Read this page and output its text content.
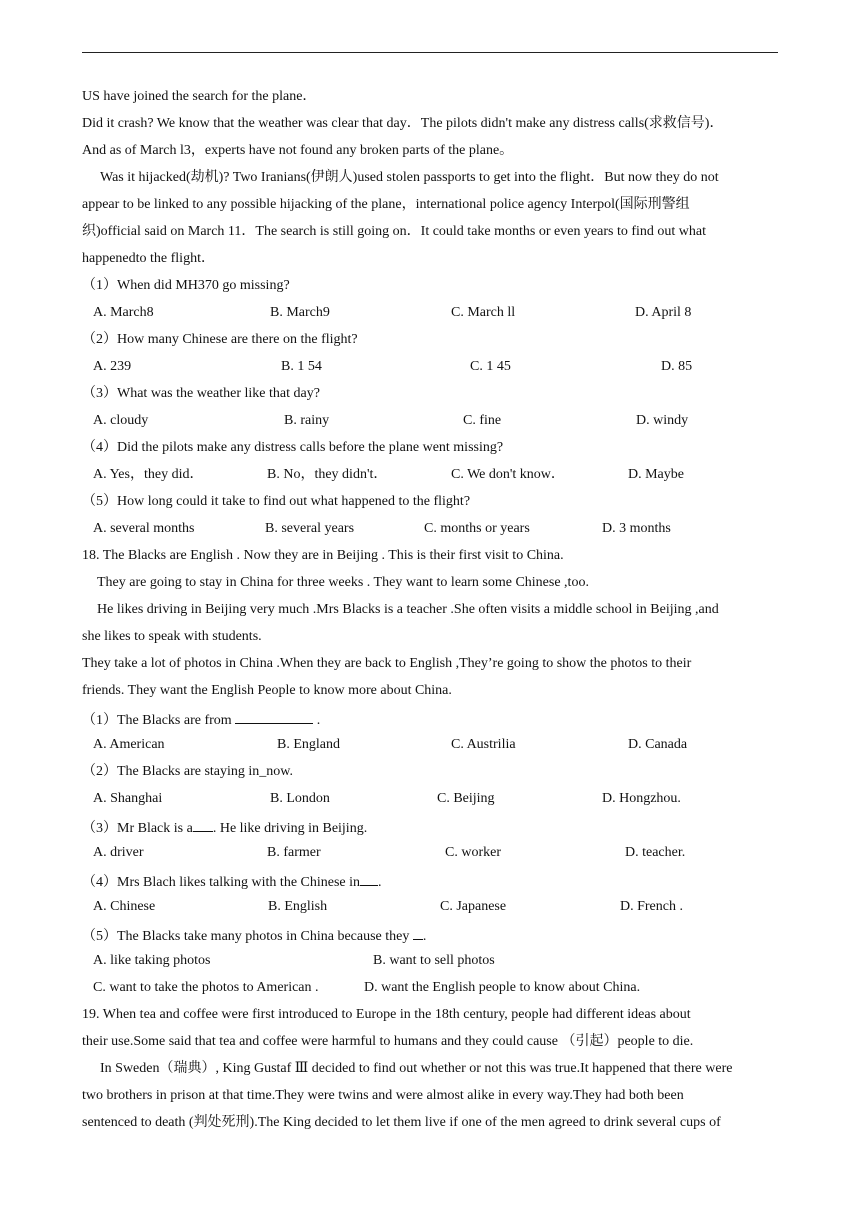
US have joined the search for the plane．
Did it crash? We know that the weather was clear that day．The pilots didn't make any distress calls(求救信号)．
And as of March l3，experts have not found any broken parts of the plane。
Was it hijacked(劫机)? Two Iranians(伊朗人)used stolen passports to get into the flight．But now they do not
appear to be linked to any possible hijacking of the plane，international police agency Interpol(国际刑警组
织)official said on March 11．The search is still going on．It could take months or even years to find out what
happenedto the flight．
（1）When did MH370 go missing?
A. March8	B. March9	C. March ll	D. April 8
（2）How many Chinese are there on the flight?
A. 239	B. 1 54	C. 1 45	D. 85
（3）What was the weather like that day?
A. cloudy	B. rainy	C. fine	D. windy
（4）Did the pilots make any distress calls before the plane went missing?
A. Yes，they did．	B. No，they didn't．	C. We don't know．	D. Maybe
（5）How long could it take to find out what happened to the flight?
A. several months	B. several years	C. months or years	D. 3 months
18. The Blacks are English . Now they are in Beijing . This is their first visit to China.
They are going to stay in China for three weeks . They want to learn some Chinese ,too.
He likes driving in Beijing very much .Mrs Blacks is a teacher .She often visits a middle school in Beijing ,and
she likes to speak with students.
They take a lot of photos in China .When they are back to English ,They’re going to show the photos to their
friends. They want the English People to know more about China.
（1）The Blacks are from	.
A. American	B. England	C. Austrilia	D. Canada
（2）The Blacks are staying in_now.
A. Shanghai	B. London	C. Beijing	D. Hongzhou.
（3）Mr Black is a . He like driving in Beijing.
A. driver	B. farmer	C. worker	D. teacher.
（4）Mrs Blach likes talking with the Chinese in .
A. Chinese	B. English	C. Japanese	D. French .
（5）The Blacks take many photos in China because they .
A. like taking photos	B. want to sell photos
C. want to take the photos to American .	D. want the English people to know about China.
19. When tea and coffee were first introduced to Europe in the 18th century, people had different ideas about
their use.Some said that tea and coffee were harmful to humans and they could cause （引起）people to die.
In Sweden（瑞典）, King Gustaf Ⅲ decided to find out whether or not this was true.It happened that there were
two brothers in prison at that time.They were twins and were almost alike in every way.They had both been
sentenced to death (判处死刑).The King decided to let them live if one of the men agreed to drink several cups of
